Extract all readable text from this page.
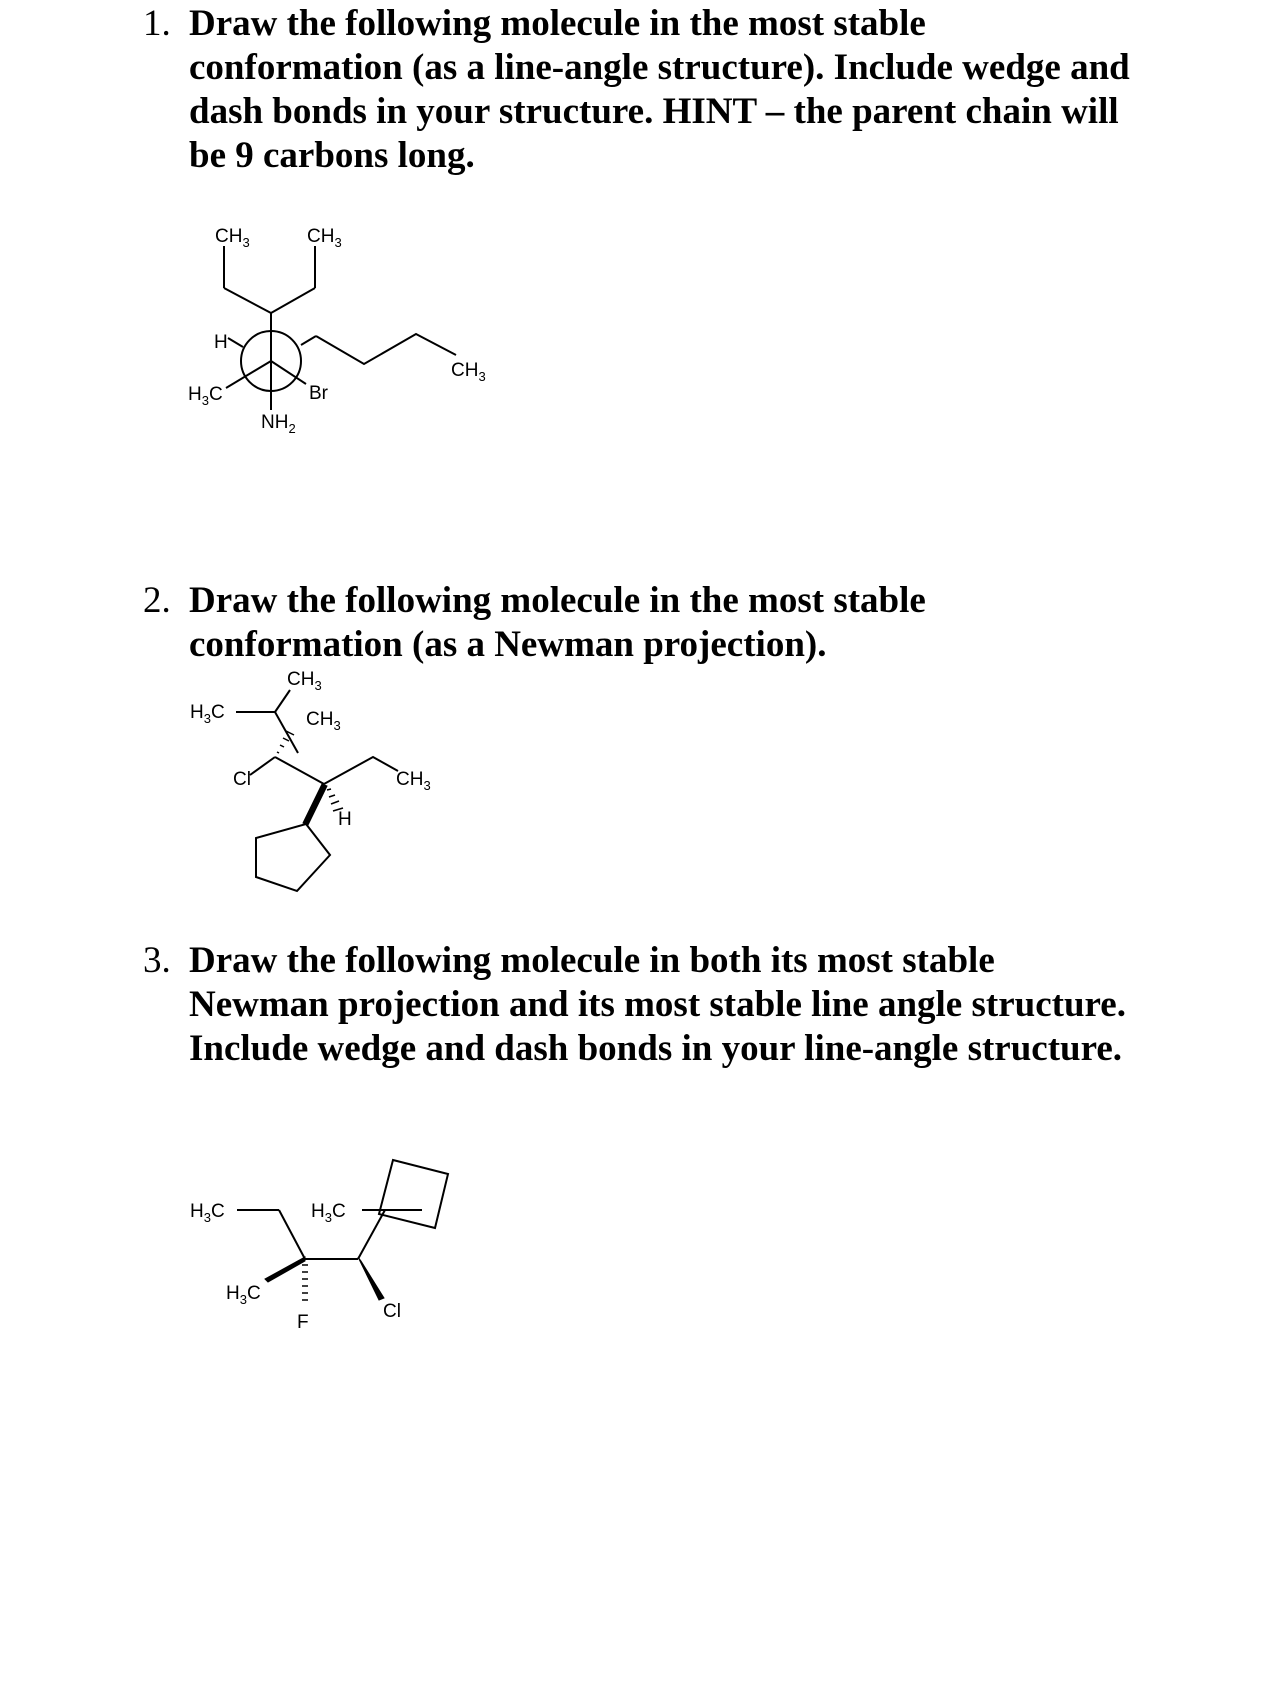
1. Draw the following molecule in the most stable conformation (as a line-angle structure). Include wedge and dash bonds in your structure. HINT – the parent chain will be 9 carbons long.
$CH_3$	$CH_3$
H
$H_3C$	Br
$NH_2$
$CH_3$
2. Draw the following molecule in the most stable conformation (as a Newman projection).
$CH_3$
$H_3C$	$CH_3$
Cl	$CH_3$
H
3. Draw the following molecule in both its most stable Newman projection and its most stable line angle structure. Include wedge and dash bonds in your line-angle structure.
$H_3C$	$H_3C$
$H_3C$
F
Cl
